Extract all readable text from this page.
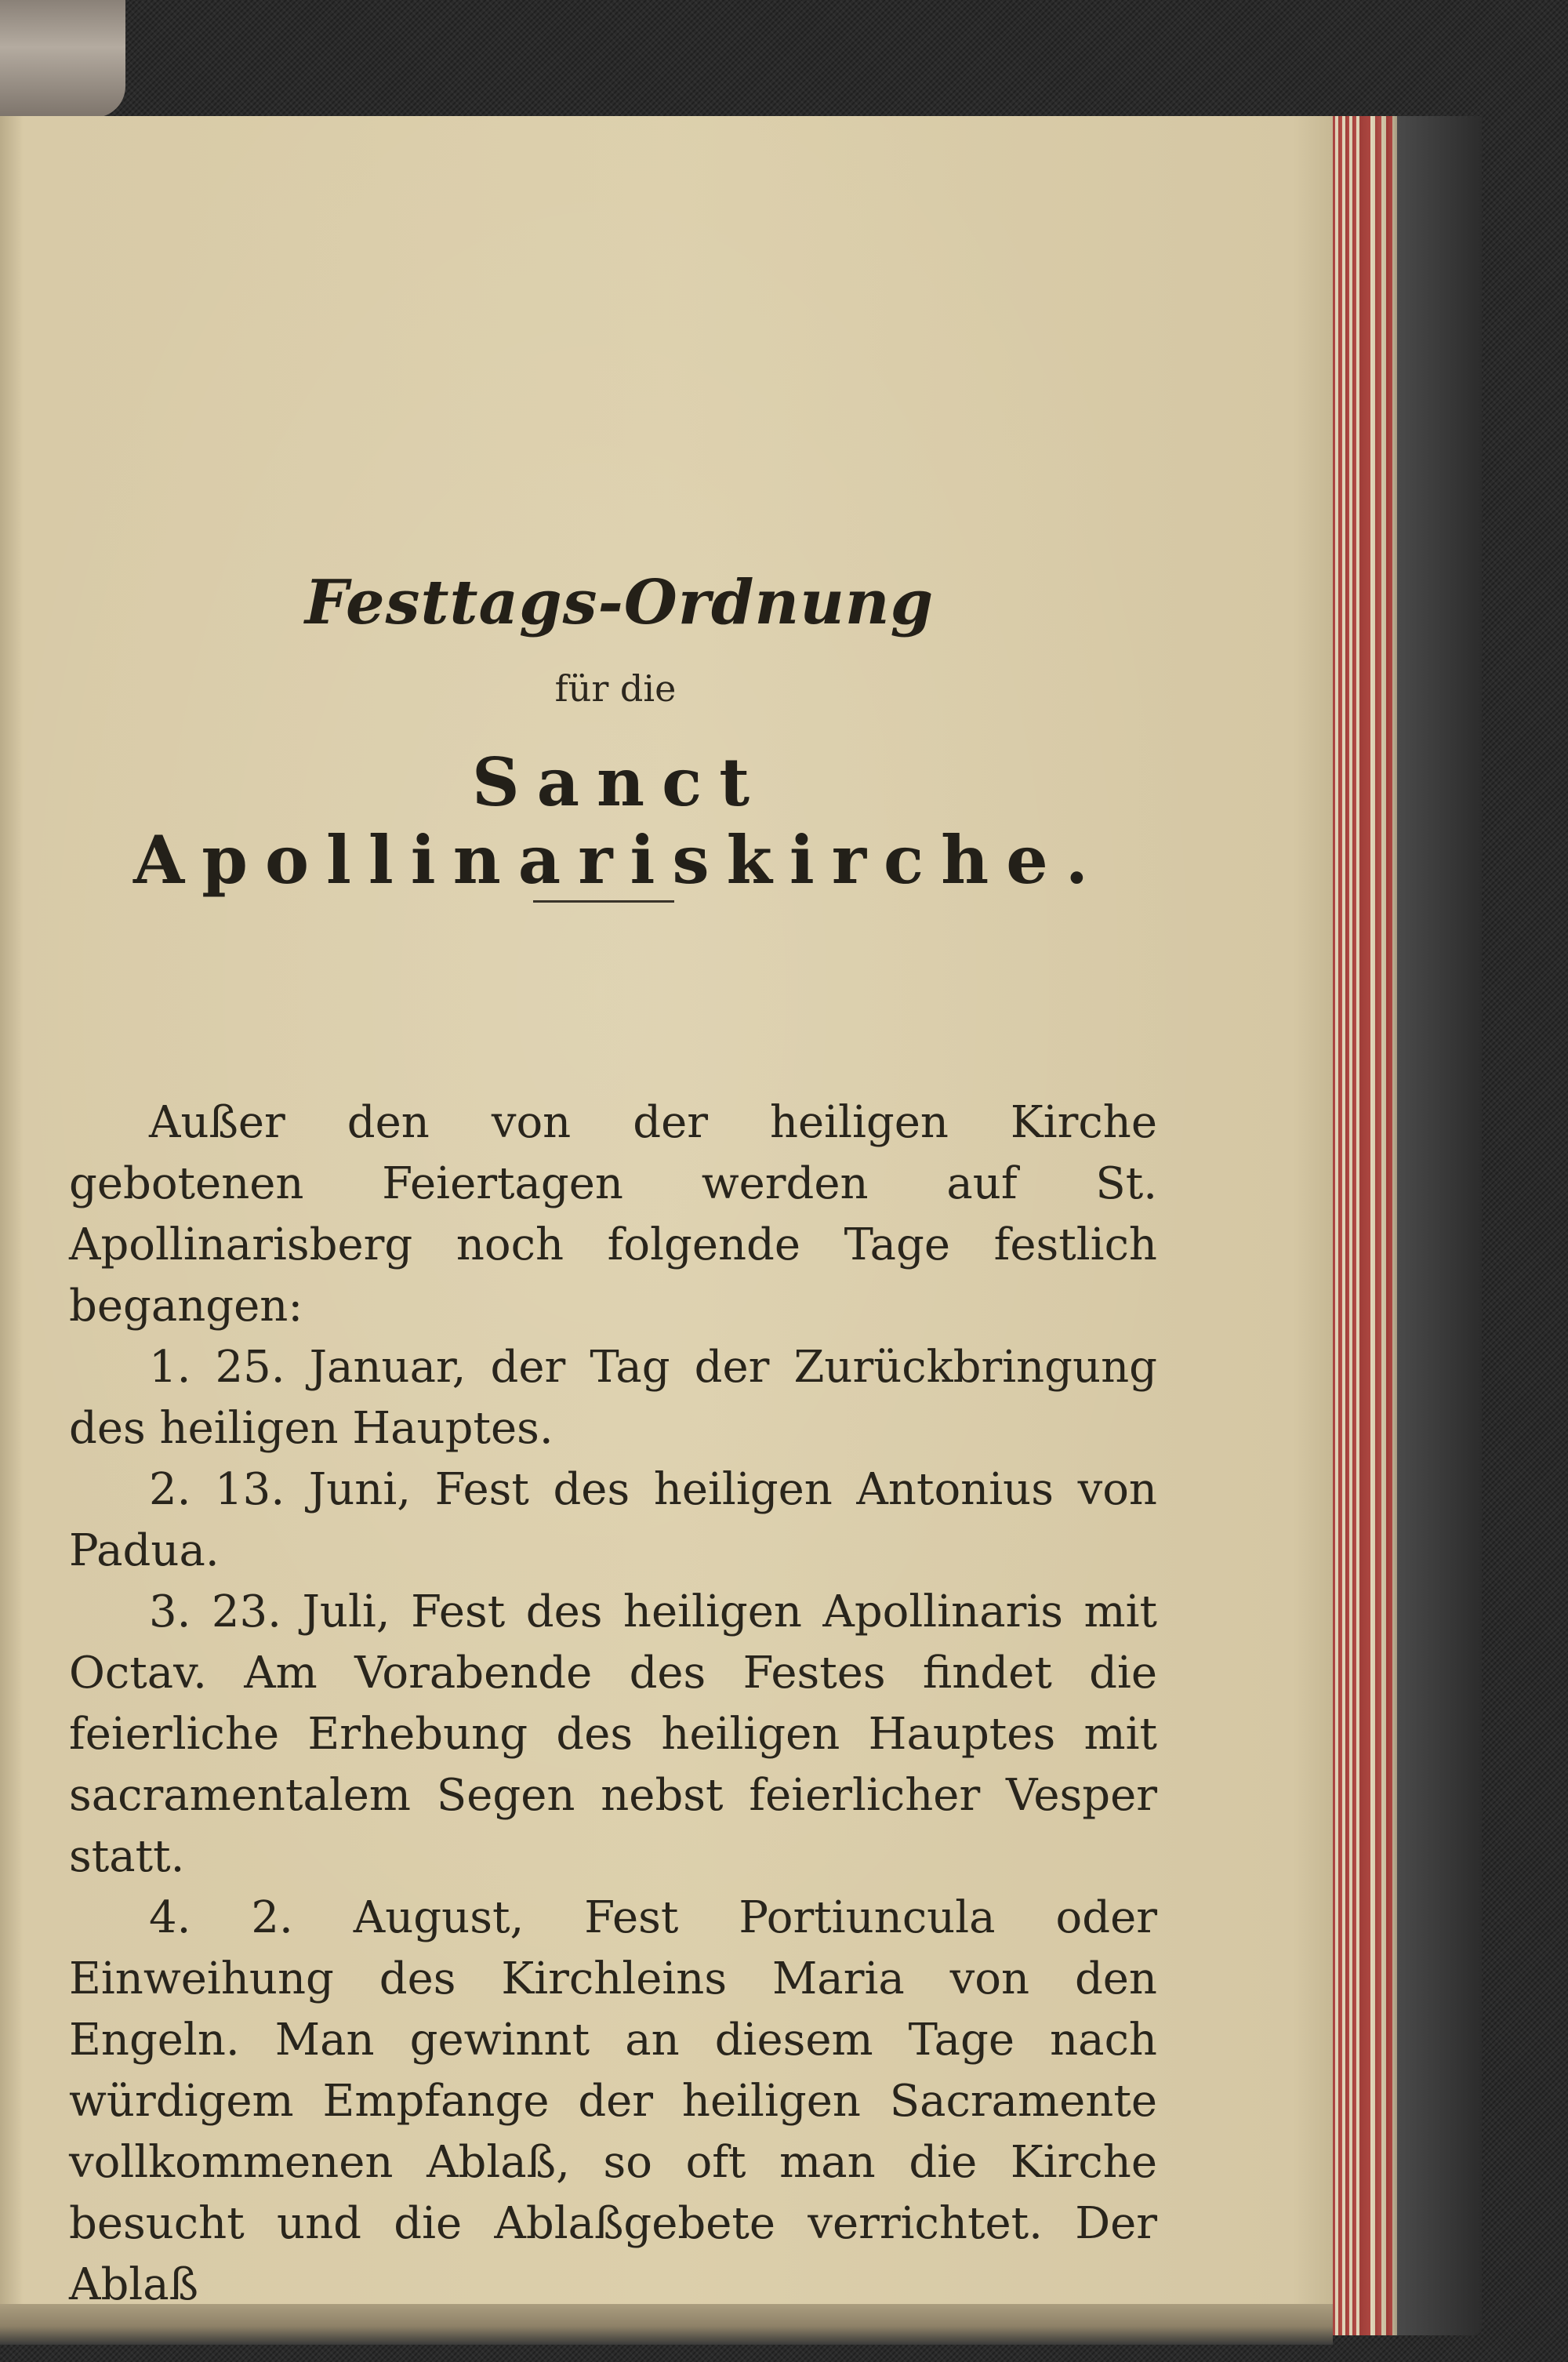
Festtags-Ordnung
für die
Sanct Apollinariskirche.

Außer den von der heiligen Kirche gebotenen Feiertagen werden auf St. Apollinarisberg noch folgende Tage festlich begangen:

1. 25. Januar, der Tag der Zurückbringung des heiligen Hauptes.

2. 13. Juni, Fest des heiligen Antonius von Padua.

3. 23. Juli, Fest des heiligen Apollinaris mit Octav. Am Vorabende des Festes findet die feierliche Erhebung des heiligen Hauptes mit sacramentalem Segen nebst feierlicher Vesper statt.

4. 2. August, Fest Portiuncula oder Einweihung des Kirchleins Maria von den Engeln. Man gewinnt an diesem Tage nach würdigem Empfange der heiligen Sacramente vollkommenen Ablaß, so oft man die Kirche besucht und die Ablaßgebete verrichtet. Der Ablaß
